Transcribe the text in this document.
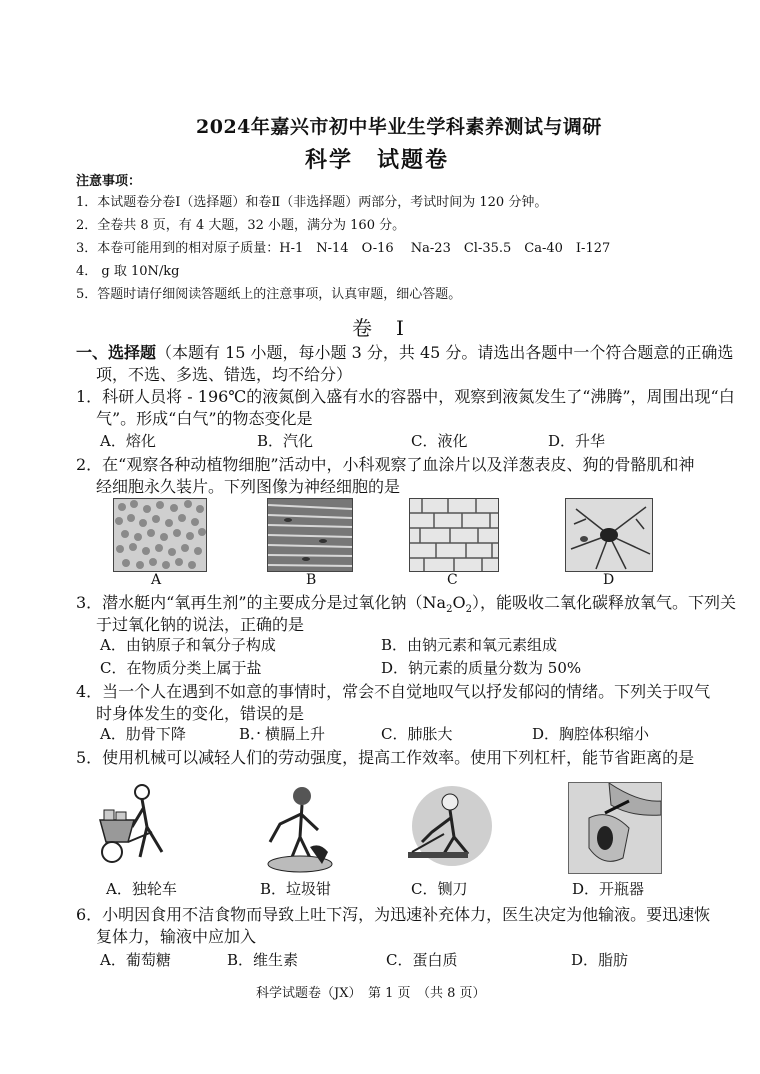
2024年嘉兴市初中毕业生学科素养测试与调研
科学　试题卷
注意事项：
1．本试题卷分卷Ⅰ（选择题）和卷Ⅱ（非选择题）两部分，考试时间为 120 分钟。
2．全卷共 8 页，有 4 大题，32 小题，满分为 160 分。
3．本卷可能用到的相对原子质量：H-1　N-14　O-16　 Na-23　Cl-35.5　Ca-40　I-127
4． g 取 10N/kg
5．答题时请仔细阅读答题纸上的注意事项，认真审题，细心答题。
卷　Ⅰ
一、选择题（本题有 15 小题，每小题 3 分，共 45 分。请选出各题中一个符合题意的正确选
项，不选、多选、错选，均不给分）
1．科研人员将 - 196℃的液氮倒入盛有水的容器中，观察到液氮发生了“沸腾”，周围出现“白
气”。形成“白气”的物态变化是
A．熔化	B．汽化	C．液化	D．升华
2．在“观察各种动植物细胞”活动中，小科观察了血涂片以及洋葱表皮、狗的骨骼肌和神
经细胞永久装片。下列图像为神经细胞的是
A	B	C	D
3．潜水艇内“氧再生剂”的主要成分是过氧化钠$(Na_2O_2)$，能吸收二氧化碳释放氧气。下列关
于过氧化钠的说法，正确的是
A．由钠原子和氧分子构成	B．由钠元素和氧元素组成
C．在物质分类上属于盐	D．钠元素的质量分数为 50%
4．当一个人在遇到不如意的事情时，常会不自觉地叹气以抒发郁闷的情绪。下列关于叹气
时身体发生的变化，错误的是
A．肋骨下降	B．横膈上升	C．肺胀大	D．胸腔体积缩小
5．使用机械可以减轻人们的劳动强度，提高工作效率。使用下列杠杆，能节省距离的是
A．独轮车	B．垃圾钳	C．铡刀	D．开瓶器
6．小明因食用不洁食物而导致上吐下泻，为迅速补充体力，医生决定为他输液。要迅速恢
复体力，输液中应加入
A．葡萄糖	B．维生素	C．蛋白质	D．脂肪
科学试题卷（JX）　第 1 页　（共 8 页）
